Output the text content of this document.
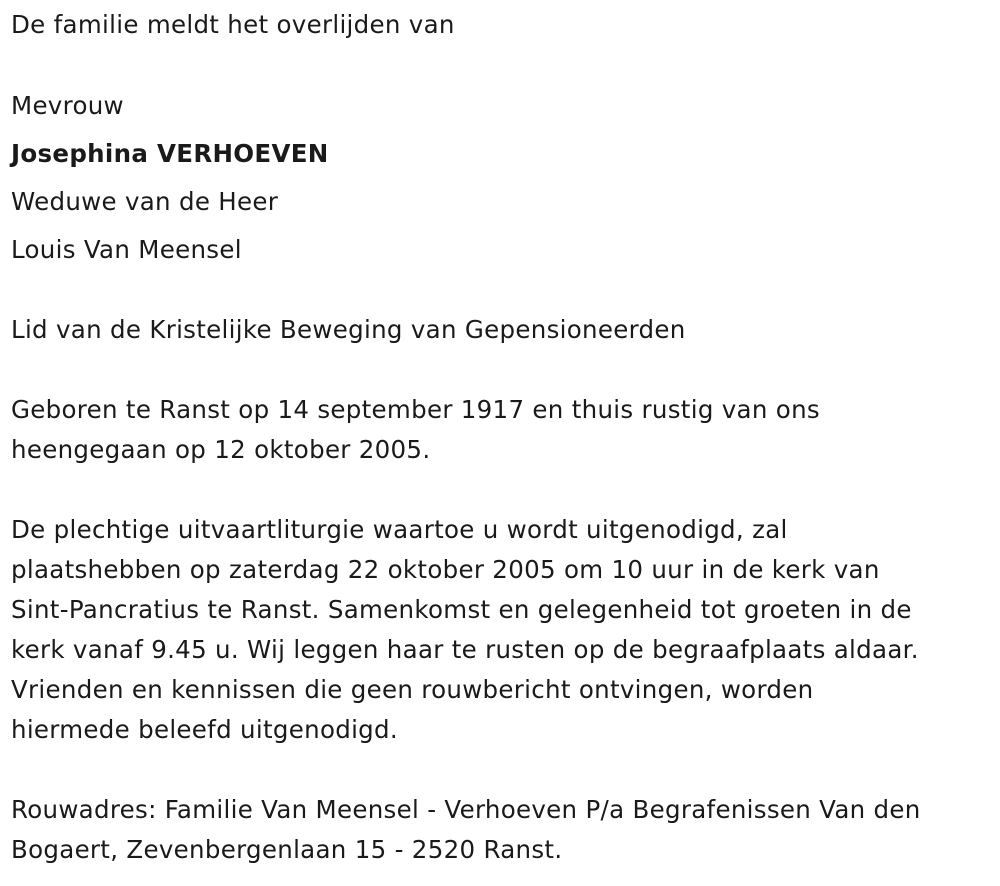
De familie meldt het overlijden van
Mevrouw
Josephina VERHOEVEN
Weduwe van de Heer
Louis Van Meensel
Lid van de Kristelijke Beweging van Gepensioneerden
Geboren te Ranst op 14 september 1917 en thuis rustig van ons
heengegaan op 12 oktober 2005.
De plechtige uitvaartliturgie waartoe u wordt uitgenodigd, zal
plaatshebben op zaterdag 22 oktober 2005 om 10 uur in de kerk van
Sint-Pancratius te Ranst. Samenkomst en gelegenheid tot groeten in de
kerk vanaf 9.45 u. Wij leggen haar te rusten op de begraafplaats aldaar.
Vrienden en kennissen die geen rouwbericht ontvingen, worden
hiermede beleefd uitgenodigd.
Rouwadres: Familie Van Meensel - Verhoeven P/a Begrafenissen Van den
Bogaert, Zevenbergenlaan 15 - 2520 Ranst.
